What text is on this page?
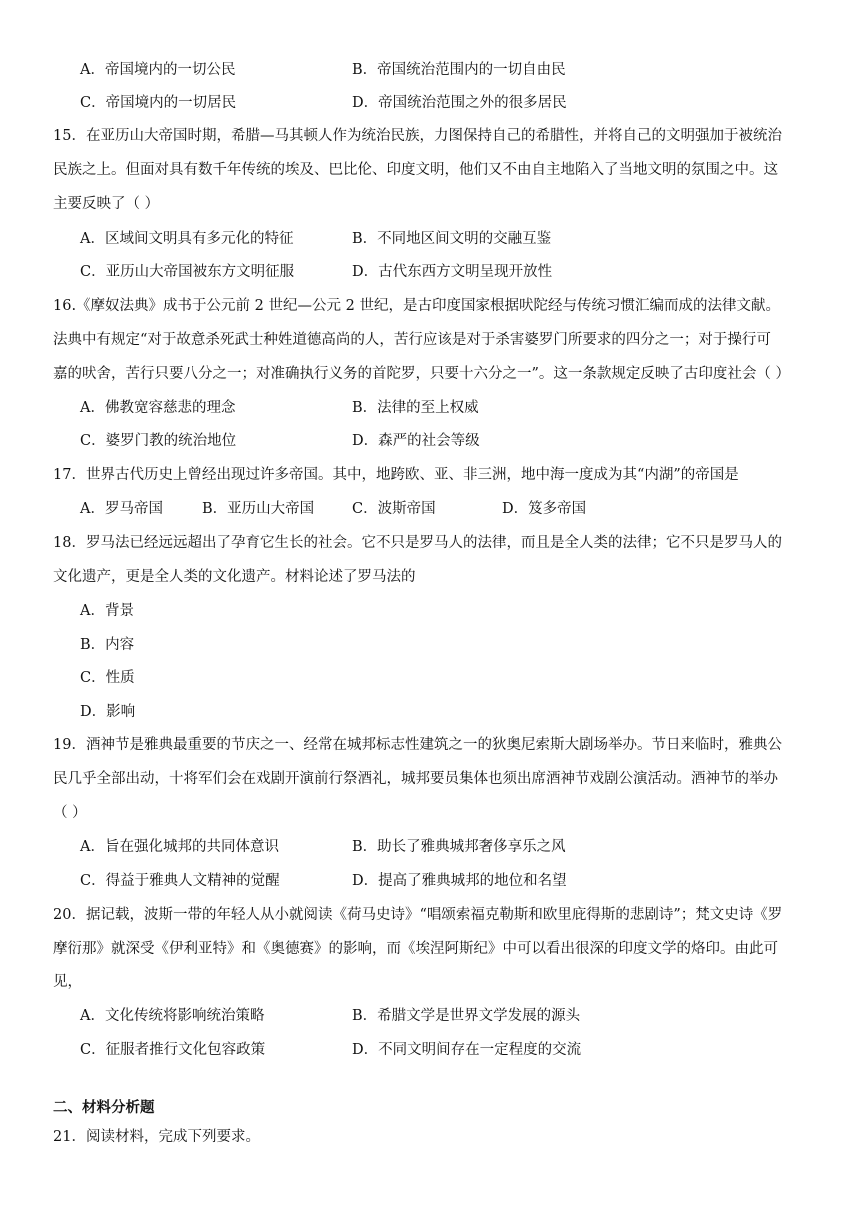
A．帝国境内的一切公民	B．帝国统治范围内的一切自由民
C．帝国境内的一切居民	D．帝国统治范围之外的很多居民
15．在亚历山大帝国时期，希腊—马其顿人作为统治民族，力图保持自己的希腊性，并将自己的文明强加于被统治
民族之上。但面对具有数千年传统的埃及、巴比伦、印度文明，他们又不由自主地陷入了当地文明的氛围之中。这
主要反映了（ ）
A．区域间文明具有多元化的特征	B．不同地区间文明的交融互鉴
C．亚历山大帝国被东方文明征服	D．古代东西方文明呈现开放性
16.《摩奴法典》成书于公元前 2 世纪—公元 2 世纪，是古印度国家根据吠陀经与传统习惯汇编而成的法律文献。
法典中有规定“对于故意杀死武士种姓道德高尚的人，苦行应该是对于杀害婆罗门所要求的四分之一；对于操行可
嘉的吠舍，苦行只要八分之一；对准确执行义务的首陀罗，只要十六分之一”。这一条款规定反映了古印度社会（ ）
A．佛教宽容慈悲的理念	B．法律的至上权威
C．婆罗门教的统治地位	D．森严的社会等级
17．世界古代历史上曾经出现过许多帝国。其中，地跨欧、亚、非三洲，地中海一度成为其“内湖”的帝国是
A．罗马帝国	B．亚历山大帝国	C．波斯帝国	D．笈多帝国
18．罗马法已经远远超出了孕育它生长的社会。它不只是罗马人的法律，而且是全人类的法律；它不只是罗马人的
文化遗产，更是全人类的文化遗产。材料论述了罗马法的
A．背景
B．内容
C．性质
D．影响
19．酒神节是雅典最重要的节庆之一、经常在城邦标志性建筑之一的狄奥尼索斯大剧场举办。节日来临时，雅典公
民几乎全部出动，十将军们会在戏剧开演前行祭酒礼，城邦要员集体也须出席酒神节戏剧公演活动。酒神节的举办
（ ）
A．旨在强化城邦的共同体意识	B．助长了雅典城邦奢侈享乐之风
C．得益于雅典人文精神的觉醒	D．提高了雅典城邦的地位和名望
20．据记载，波斯一带的年轻人从小就阅读《荷马史诗》“唱颂索福克勒斯和欧里庇得斯的悲剧诗”；梵文史诗《罗
摩衍那》就深受《伊利亚特》和《奥德赛》的影响，而《埃涅阿斯纪》中可以看出很深的印度文学的烙印。由此可
见，
A．文化传统将影响统治策略	B．希腊文学是世界文学发展的源头
C．征服者推行文化包容政策	D．不同文明间存在一定程度的交流
二、材料分析题
21．阅读材料，完成下列要求。
